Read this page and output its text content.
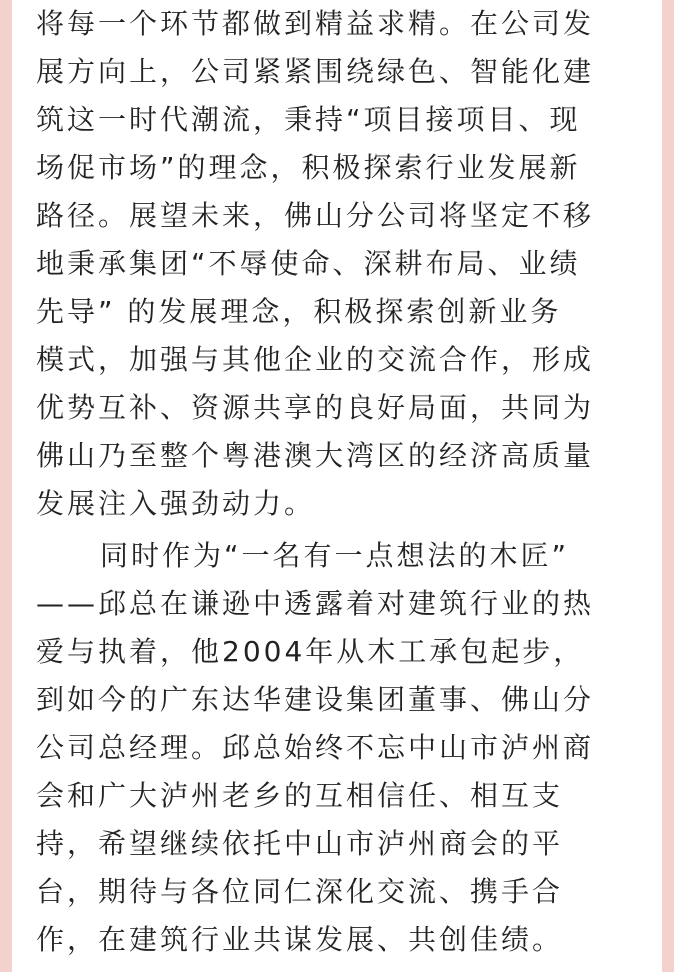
将每一个环节都做到精益求精。在公司发
展方向上，公司紧紧围绕绿色、智能化建
筑这一时代潮流，秉持“项目接项目、现
场促市场”的理念，积极探索行业发展新
路径。展望未来，佛山分公司将坚定不移
地秉承集团“不辱使命、深耕布局、业绩
先导” 的发展理念，积极探索创新业务
模式，加强与其他企业的交流合作，形成
优势互补、资源共享的良好局面，共同为
佛山乃至整个粤港澳大湾区的经济高质量
发展注入强劲动力。
同时作为“一名有一点想法的木匠”
——邱总在谦逊中透露着对建筑行业的热
爱与执着，他2004年从木工承包起步，
到如今的广东达华建设集团董事、佛山分
公司总经理。邱总始终不忘中山市泸州商
会和广大泸州老乡的互相信任、相互支
持，希望继续依托中山市泸州商会的平
台，期待与各位同仁深化交流、携手合
作，在建筑行业共谋发展、共创佳绩。
